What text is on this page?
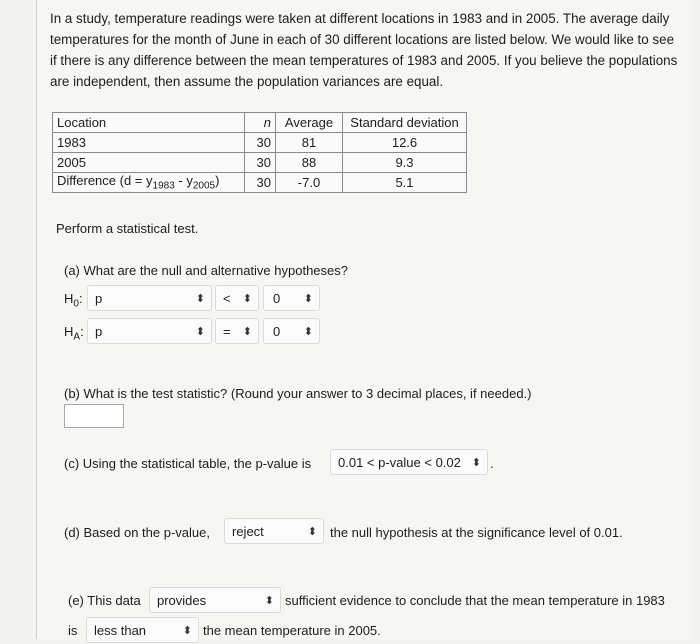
In a study, temperature readings were taken at different locations in 1983 and in 2005. The average daily temperatures for the month of June in each of 30 different locations are listed below. We would like to see if there is any difference between the mean temperatures of 1983 and 2005. If you believe the populations are independent, then assume the population variances are equal.
Location	n	Average	Standard deviation
1983	30	81	12.6
2005	30	88	9.3
Difference $(d = y_{1983} - y_{2005})$	30	-7.0	5.1
Perform a statistical test.
(a) What are the null and alternative hypotheses?
$H_0$: p	⬍	< ⬍	0 ⬍
$H_A$: p	⬍	= ⬍	0 ⬍
(b) What is the test statistic? (Round your answer to 3 decimal places, if needed.)
(c) Using the statistical table, the p-value is	0.01 < p-value < 0.02 ⬍ .
(d) Based on the p-value,	reject	⬍ the null hypothesis at the significance level of 0.01.
(e) This data	provides	⬍ sufficient evidence to conclude that the mean temperature in 1983
is	less than	⬍ the mean temperature in 2005.
